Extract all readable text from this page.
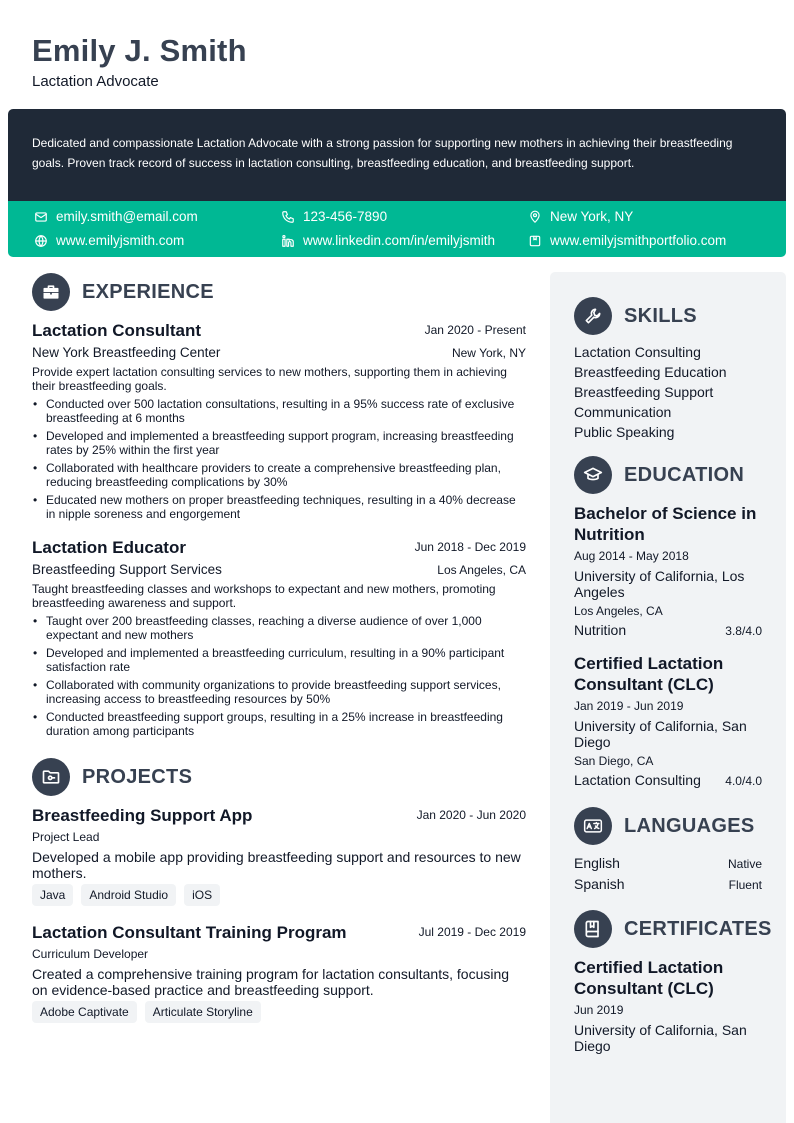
Emily J. Smith
Lactation Advocate

Dedicated and compassionate Lactation Advocate with a strong passion for supporting new mothers in achieving their breastfeeding goals. Proven track record of success in lactation consulting, breastfeeding education, and breastfeeding support.

emily.smith@email.com	123-456-7890	New York, NY
www.emilyjsmith.com	www.linkedin.com/in/emilyjsmith	www.emilyjsmithportfolio.com
EXPERIENCE
Lactation Consultant	Jan 2020 - Present
New York Breastfeeding Center	New York, NY
Provide expert lactation consulting services to new mothers, supporting them in achieving their breastfeeding goals.
• Conducted over 500 lactation consultations, resulting in a 95% success rate of exclusive breastfeeding at 6 months
• Developed and implemented a breastfeeding support program, increasing breastfeeding rates by 25% within the first year
• Collaborated with healthcare providers to create a comprehensive breastfeeding plan, reducing breastfeeding complications by 30%
• Educated new mothers on proper breastfeeding techniques, resulting in a 40% decrease in nipple soreness and engorgement
Lactation Educator	Jun 2018 - Dec 2019
Breastfeeding Support Services	Los Angeles, CA
Taught breastfeeding classes and workshops to expectant and new mothers, promoting breastfeeding awareness and support.
• Taught over 200 breastfeeding classes, reaching a diverse audience of over 1,000 expectant and new mothers
• Developed and implemented a breastfeeding curriculum, resulting in a 90% participant satisfaction rate
• Collaborated with community organizations to provide breastfeeding support services, increasing access to breastfeeding resources by 50%
• Conducted breastfeeding support groups, resulting in a 25% increase in breastfeeding duration among participants
PROJECTS
Breastfeeding Support App	Jan 2020 - Jun 2020
Project Lead
Developed a mobile app providing breastfeeding support and resources to new mothers.
Java	Android Studio	iOS
Lactation Consultant Training Program	Jul 2019 - Dec 2019
Curriculum Developer
Created a comprehensive training program for lactation consultants, focusing on evidence-based practice and breastfeeding support.
Adobe Captivate	Articulate Storyline
SKILLS
Lactation Consulting
Breastfeeding Education
Breastfeeding Support
Communication
Public Speaking
EDUCATION
Bachelor of Science in Nutrition
Aug 2014 - May 2018
University of California, Los Angeles
Los Angeles, CA
Nutrition	3.8/4.0
Certified Lactation Consultant (CLC)
Jan 2019 - Jun 2019
University of California, San Diego
San Diego, CA
Lactation Consulting 4.0/4.0
LANGUAGES
English	Native
Spanish	Fluent
CERTIFICATES
Certified Lactation Consultant (CLC)
Jun 2019
University of California, San Diego
